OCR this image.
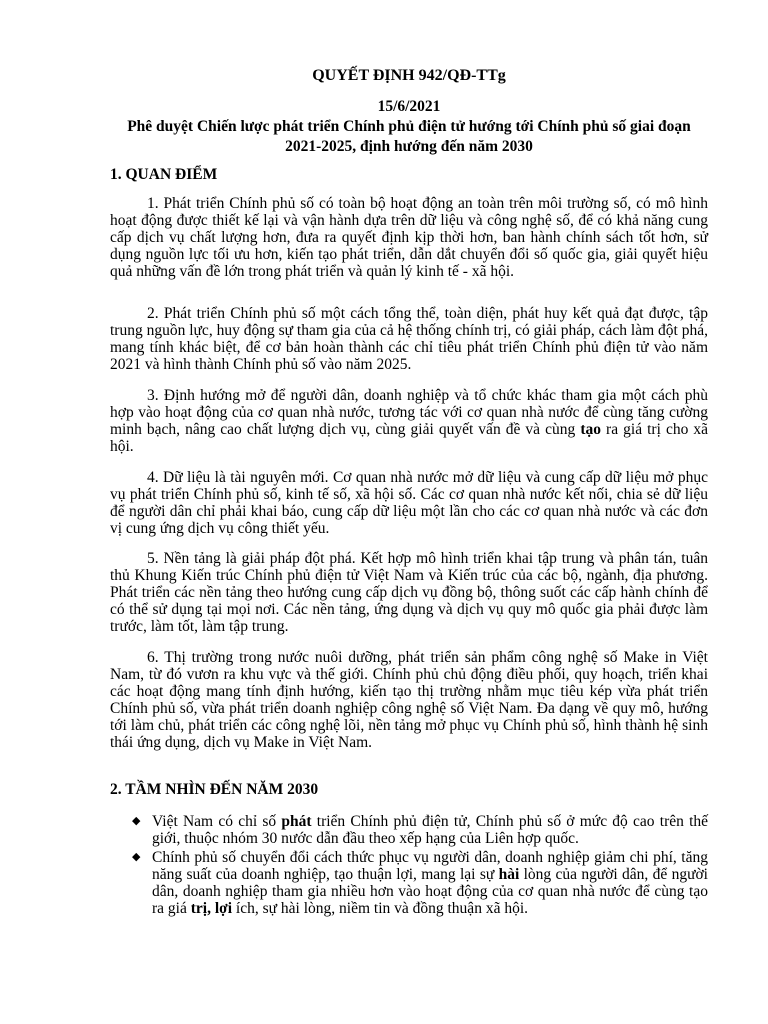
QUYẾT ĐỊNH 942/QĐ-TTg
15/6/2021
Phê duyệt Chiến lược phát triển Chính phủ điện tử hướng tới Chính phủ số giai đoạn 2021-2025, định hướng đến năm 2030
1. QUAN ĐIỂM
1. Phát triển Chính phủ số có toàn bộ hoạt động an toàn trên môi trường số, có mô hình hoạt động được thiết kế lại và vận hành dựa trên dữ liệu và công nghệ số, để có khả năng cung cấp dịch vụ chất lượng hơn, đưa ra quyết định kịp thời hơn, ban hành chính sách tốt hơn, sử dụng nguồn lực tối ưu hơn, kiến tạo phát triển, dẫn dắt chuyển đổi số quốc gia, giải quyết hiệu quả những vấn đề lớn trong phát triển và quản lý kinh tế - xã hội.
2. Phát triển Chính phủ số một cách tổng thể, toàn diện, phát huy kết quả đạt được, tập trung nguồn lực, huy động sự tham gia của cả hệ thống chính trị, có giải pháp, cách làm đột phá, mang tính khác biệt, để cơ bản hoàn thành các chỉ tiêu phát triển Chính phủ điện tử vào năm 2021 và hình thành Chính phủ số vào năm 2025.
3. Định hướng mở để người dân, doanh nghiệp và tổ chức khác tham gia một cách phù hợp vào hoạt động của cơ quan nhà nước, tương tác với cơ quan nhà nước để cùng tăng cường minh bạch, nâng cao chất lượng dịch vụ, cùng giải quyết vấn đề và cùng tạo ra giá trị cho xã hội.
4. Dữ liệu là tài nguyên mới. Cơ quan nhà nước mở dữ liệu và cung cấp dữ liệu mở phục vụ phát triển Chính phủ số, kinh tế số, xã hội số. Các cơ quan nhà nước kết nối, chia sẻ dữ liệu để người dân chỉ phải khai báo, cung cấp dữ liệu một lần cho các cơ quan nhà nước và các đơn vị cung ứng dịch vụ công thiết yếu.
5. Nền tảng là giải pháp đột phá. Kết hợp mô hình triển khai tập trung và phân tán, tuân thủ Khung Kiến trúc Chính phủ điện tử Việt Nam và Kiến trúc của các bộ, ngành, địa phương. Phát triển các nền tảng theo hướng cung cấp dịch vụ đồng bộ, thông suốt các cấp hành chính để có thể sử dụng tại mọi nơi. Các nền tảng, ứng dụng và dịch vụ quy mô quốc gia phải được làm trước, làm tốt, làm tập trung.
6. Thị trường trong nước nuôi dưỡng, phát triển sản phẩm công nghệ số Make in Việt Nam, từ đó vươn ra khu vực và thế giới. Chính phủ chủ động điều phối, quy hoạch, triển khai các hoạt động mang tính định hướng, kiến tạo thị trường nhằm mục tiêu kép vừa phát triển Chính phủ số, vừa phát triển doanh nghiệp công nghệ số Việt Nam. Đa dạng về quy mô, hướng tới làm chủ, phát triển các công nghệ lõi, nền tảng mở phục vụ Chính phủ số, hình thành hệ sinh thái ứng dụng, dịch vụ Make in Việt Nam.
2. TẦM NHÌN ĐẾN NĂM 2030
◆ Việt Nam có chỉ số phát triển Chính phủ điện tử, Chính phủ số ở mức độ cao trên thế giới, thuộc nhóm 30 nước dẫn đầu theo xếp hạng của Liên hợp quốc.
◆ Chính phủ số chuyển đổi cách thức phục vụ người dân, doanh nghiệp giảm chi phí, tăng năng suất của doanh nghiệp, tạo thuận lợi, mang lại sự hài lòng của người dân, để người dân, doanh nghiệp tham gia nhiều hơn vào hoạt động của cơ quan nhà nước để cùng tạo ra giá trị, lợi ích, sự hài lòng, niềm tin và đồng thuận xã hội.
